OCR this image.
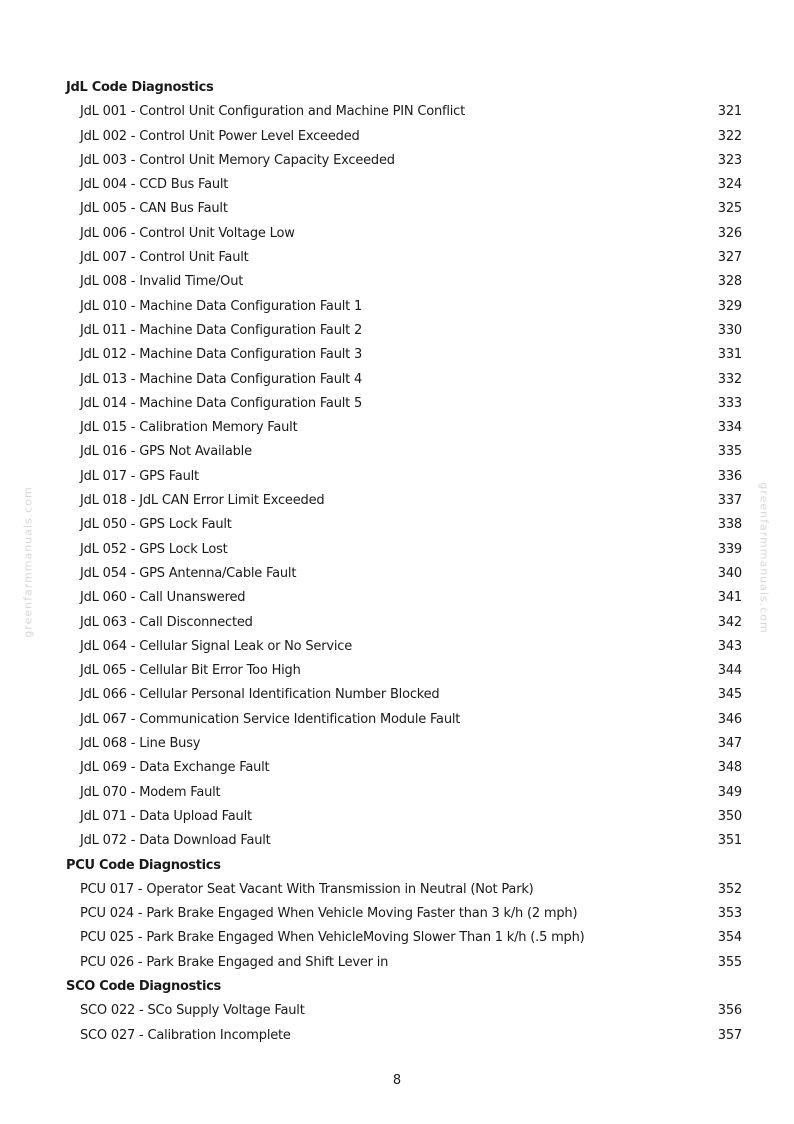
greenfarmmanuals.com	greenfarmmanuals.com
JdL Code Diagnostics
JdL 001 - Control Unit Configuration and Machine PIN Conflict	321
JdL 002 - Control Unit Power Level Exceeded	322
JdL 003 - Control Unit Memory Capacity Exceeded	323
JdL 004 - CCD Bus Fault	324
JdL 005 - CAN Bus Fault	325
JdL 006 - Control Unit Voltage Low	326
JdL 007 - Control Unit Fault	327
JdL 008 - Invalid Time/Out	328
JdL 010 - Machine Data Configuration Fault 1	329
JdL 011 - Machine Data Configuration Fault 2	330
JdL 012 - Machine Data Configuration Fault 3	331
JdL 013 - Machine Data Configuration Fault 4	332
JdL 014 - Machine Data Configuration Fault 5	333
JdL 015 - Calibration Memory Fault	334
JdL 016 - GPS Not Available	335
JdL 017 - GPS Fault	336
JdL 018 - JdL CAN Error Limit Exceeded	337
JdL 050 - GPS Lock Fault	338
JdL 052 - GPS Lock Lost	339
JdL 054 - GPS Antenna/Cable Fault	340
JdL 060 - Call Unanswered	341
JdL 063 - Call Disconnected	342
JdL 064 - Cellular Signal Leak or No Service	343
JdL 065 - Cellular Bit Error Too High	344
JdL 066 - Cellular Personal Identification Number Blocked	345
JdL 067 - Communication Service Identification Module Fault	346
JdL 068 - Line Busy	347
JdL 069 - Data Exchange Fault	348
JdL 070 - Modem Fault	349
JdL 071 - Data Upload Fault	350
JdL 072 - Data Download Fault	351
PCU Code Diagnostics
PCU 017 - Operator Seat Vacant With Transmission in Neutral (Not Park)	352
PCU 024 - Park Brake Engaged When Vehicle Moving Faster than 3 k/h (2 mph)	353
PCU 025 - Park Brake Engaged When VehicleMoving Slower Than 1 k/h (.5 mph)	354
PCU 026 - Park Brake Engaged and Shift Lever in	355
SCO Code Diagnostics
SCO 022 - SCo Supply Voltage Fault	356
SCO 027 - Calibration Incomplete	357
8
